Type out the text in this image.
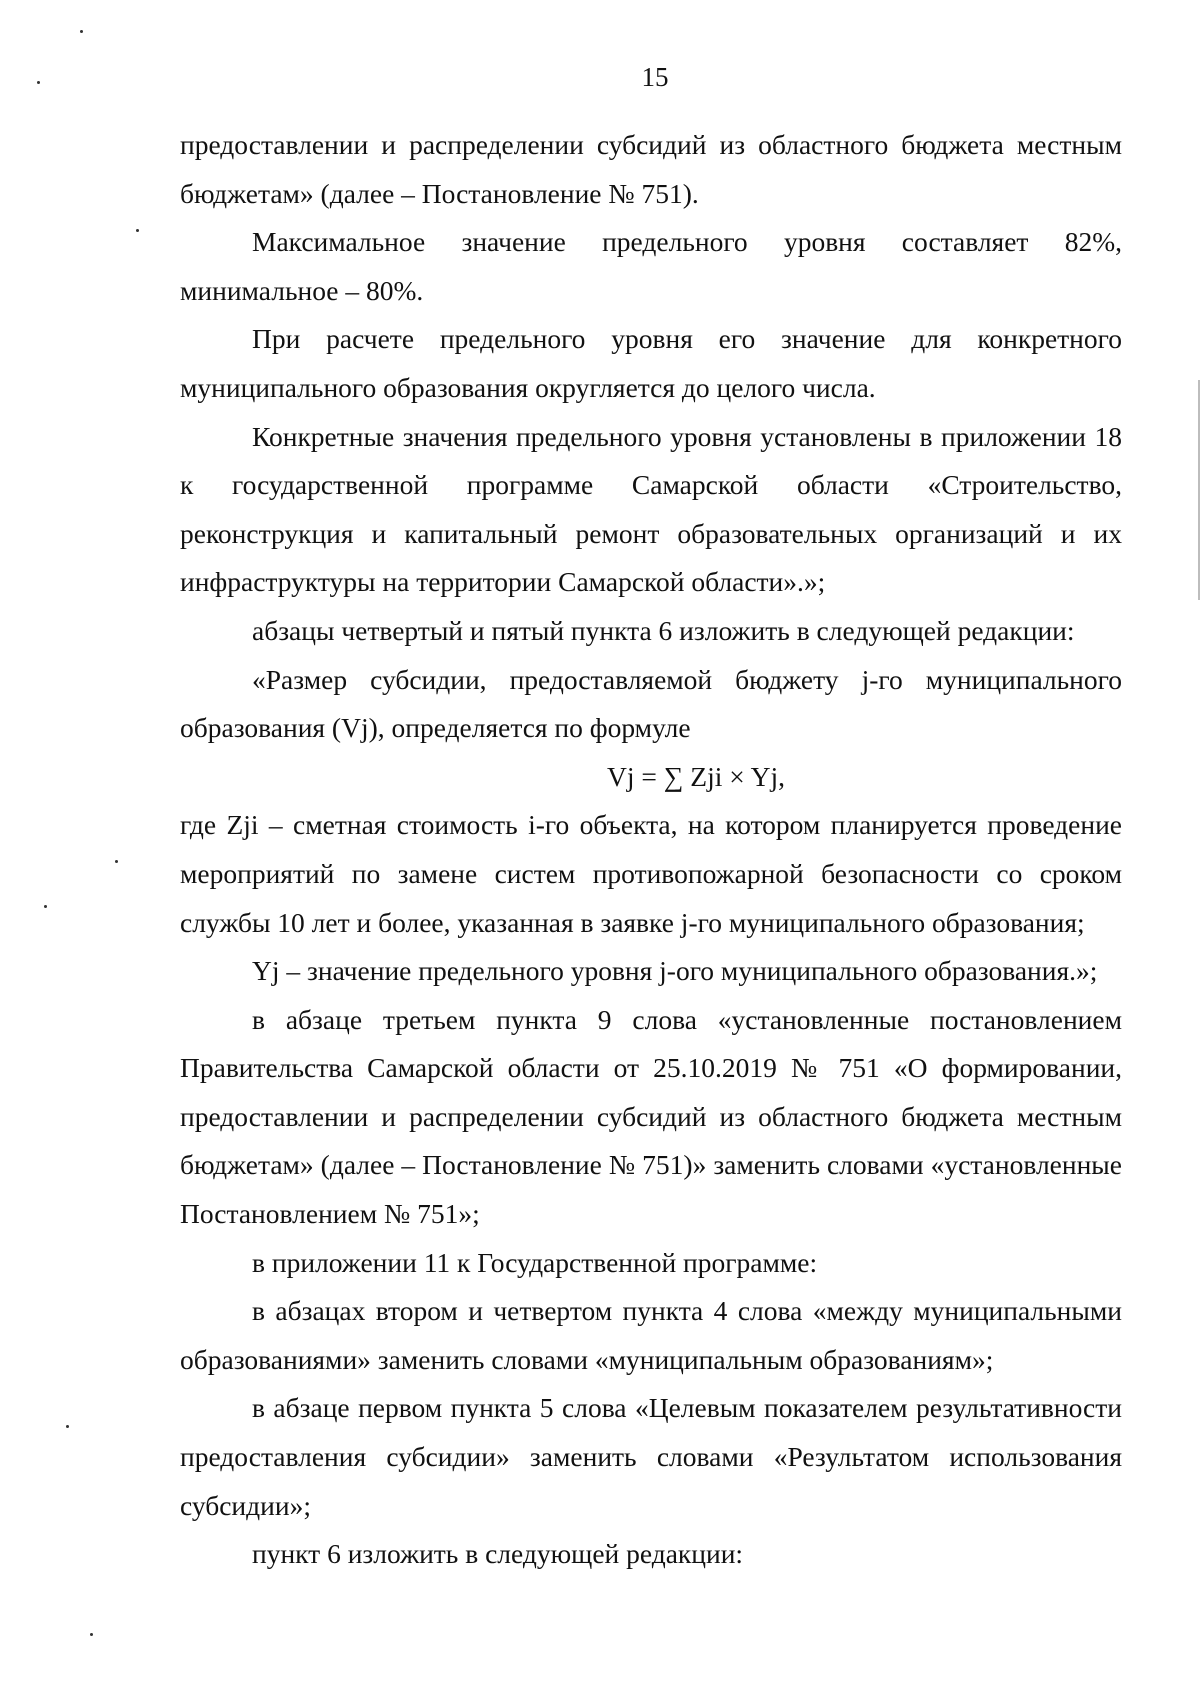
15

предоставлении и распределении субсидий из областного бюджета местным бюджетам» (далее – Постановление № 751).

Максимальное значение предельного уровня составляет 82%, минимальное – 80%.

При расчете предельного уровня его значение для конкретного муниципального образования округляется до целого числа.

Конкретные значения предельного уровня установлены в приложении 18 к государственной программе Самарской области «Строительство, реконструкция и капитальный ремонт образовательных организаций и их инфраструктуры на территории Самарской области».»;

абзацы четвертый и пятый пункта 6 изложить в следующей редакции:

«Размер субсидии, предоставляемой бюджету j-го муниципального образования (Vj), определяется по формуле

Vj = ∑ Zji × Yj,

где Zji – сметная стоимость i-го объекта, на котором планируется проведение мероприятий по замене систем противопожарной безопасности со сроком службы 10 лет и более, указанная в заявке j-го муниципального образования;

Yj – значение предельного уровня j-ого муниципального образования.»;

в абзаце третьем пункта 9 слова «установленные постановлением Правительства Самарской области от 25.10.2019 № 751 «О формировании, предоставлении и распределении субсидий из областного бюджета местным бюджетам» (далее – Постановление № 751)» заменить словами «установленные Постановлением № 751»;

в приложении 11 к Государственной программе:

в абзацах втором и четвертом пункта 4 слова «между муниципальными образованиями» заменить словами «муниципальным образованиям»;

в абзаце первом пункта 5 слова «Целевым показателем результативности предоставления субсидии» заменить словами «Результатом использования субсидии»;

пункт 6 изложить в следующей редакции:
